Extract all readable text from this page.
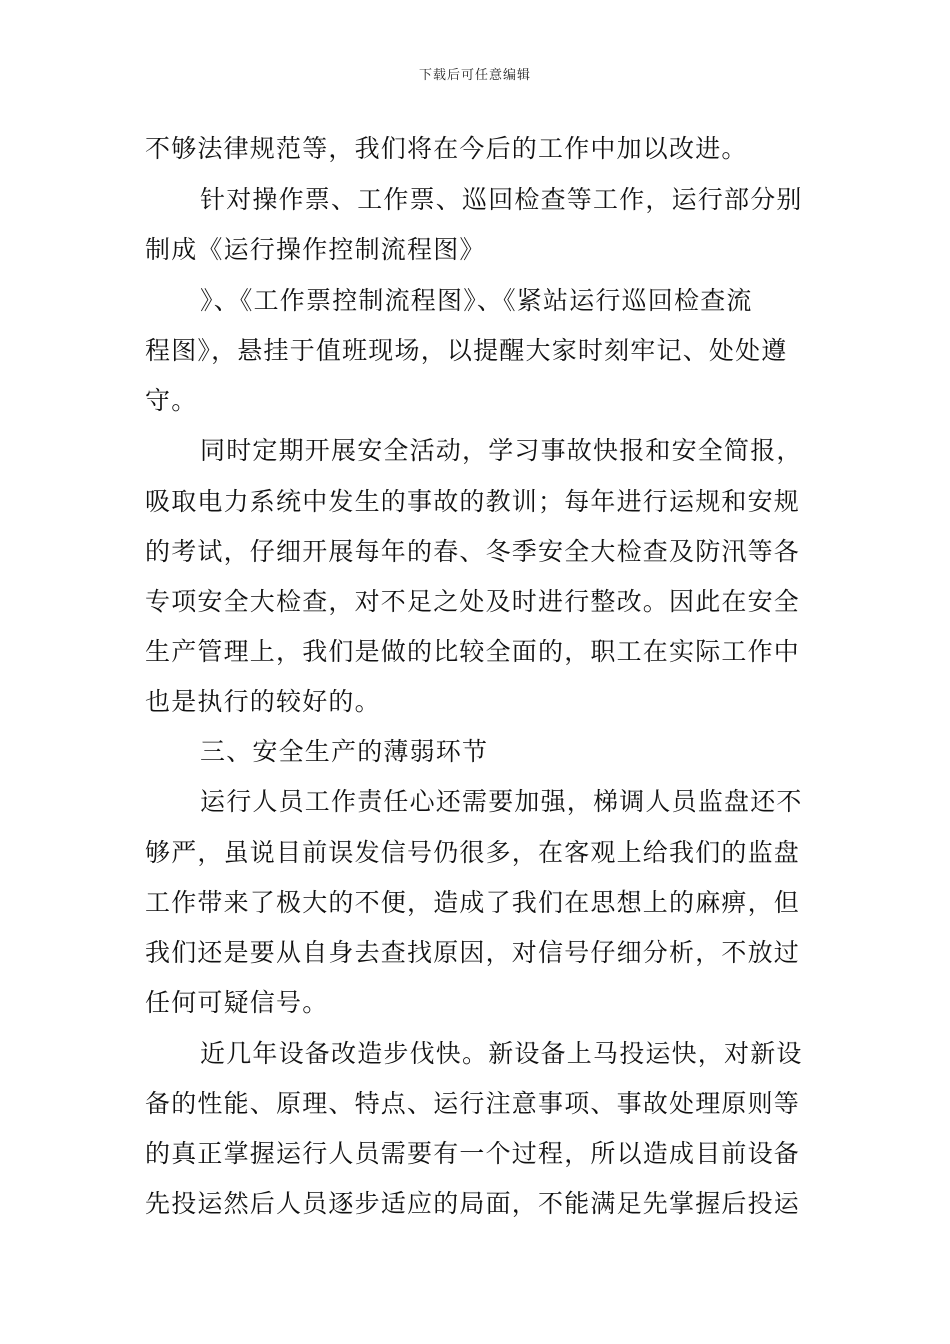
下载后可任意编辑
不够法律规范等，我们将在今后的工作中加以改进。
针对操作票、工作票、巡回检查等工作，运行部分别
制成《运行操作控制流程图》
》、《工作票控制流程图》、《紧站运行巡回检查流
程图》，悬挂于值班现场，以提醒大家时刻牢记、处处遵
守。
同时定期开展安全活动，学习事故快报和安全简报，
吸取电力系统中发生的事故的教训；每年进行运规和安规
的考试，仔细开展每年的春、冬季安全大检查及防汛等各
专项安全大检查，对不足之处及时进行整改。因此在安全
生产管理上，我们是做的比较全面的，职工在实际工作中
也是执行的较好的。
三、安全生产的薄弱环节
运行人员工作责任心还需要加强，梯调人员监盘还不
够严，虽说目前误发信号仍很多，在客观上给我们的监盘
工作带来了极大的不便，造成了我们在思想上的麻痹，但
我们还是要从自身去查找原因，对信号仔细分析，不放过
任何可疑信号。
近几年设备改造步伐快。新设备上马投运快，对新设
备的性能、原理、特点、运行注意事项、事故处理原则等
的真正掌握运行人员需要有一个过程，所以造成目前设备
先投运然后人员逐步适应的局面，不能满足先掌握后投运
